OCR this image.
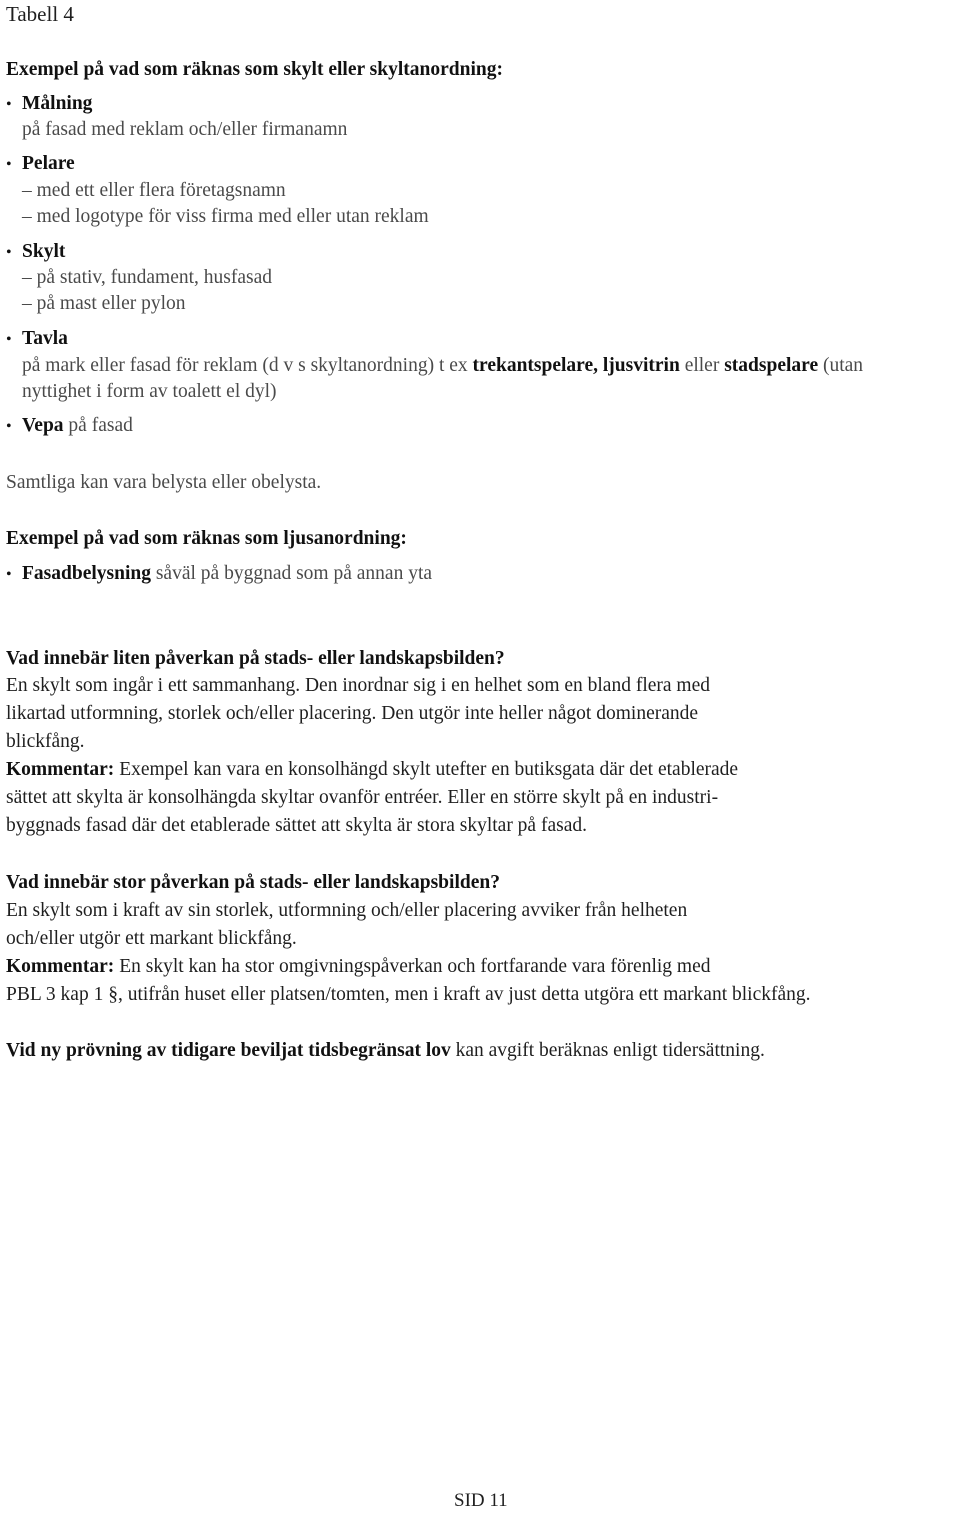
Tabell 4
Exempel på vad som räknas som skylt eller skyltanordning:
• Målning
på fasad med reklam och/eller firmanamn
• Pelare
– med ett eller flera företagsnamn
– med logotype för viss firma med eller utan reklam
• Skylt
– på stativ, fundament, husfasad
– på mast eller pylon
• Tavla
på mark eller fasad för reklam (d v s skyltanordning) t ex trekantspelare, ljusvitrin eller stadspelare (utan
nyttighet i form av toalett el dyl)
• Vepa på fasad
Samtliga kan vara belysta eller obelysta.
Exempel på vad som räknas som ljusanordning:
• Fasadbelysning såväl på byggnad som på annan yta
Vad innebär liten påverkan på stads- eller landskapsbilden?
En skylt som ingår i ett sammanhang. Den inordnar sig i en helhet som en bland flera med
likartad utformning, storlek och/eller placering. Den utgör inte heller något dominerande
blickfång.
Kommentar: Exempel kan vara en konsolhängd skylt utefter en butiksgata där det etablerade
sättet att skylta är konsolhängda skyltar ovanför entréer. Eller en större skylt på en industri-
byggnads fasad där det etablerade sättet att skylta är stora skyltar på fasad.
Vad innebär stor påverkan på stads- eller landskapsbilden?
En skylt som i kraft av sin storlek, utformning och/eller placering avviker från helheten
och/eller utgör ett markant blickfång.
Kommentar: En skylt kan ha stor omgivningspåverkan och fortfarande vara förenlig med
PBL 3 kap 1 §, utifrån huset eller platsen/tomten, men i kraft av just detta utgöra ett markant blickfång.
Vid ny prövning av tidigare beviljat tidsbegränsat lov kan avgift beräknas enligt tidersättning.
SID 11
